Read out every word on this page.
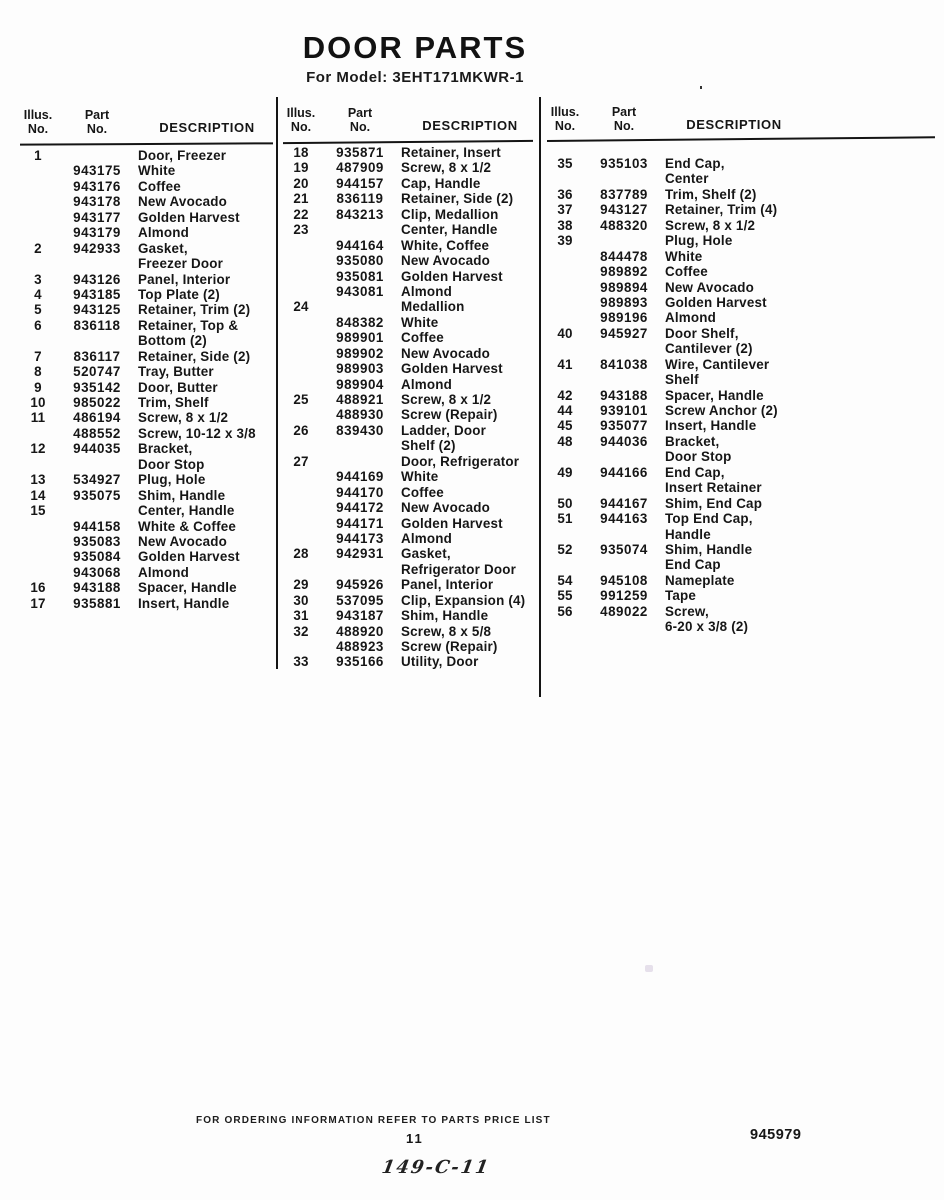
DOOR PARTS
For Model: 3EHT171MKWR-1
Illus.
No.
Part
No.	DESCRIPTION
1	Door, Freezer
943175	White
943176	Coffee
943178	New Avocado
943177	Golden Harvest
943179	Almond
2	942933	Gasket,
Freezer Door
3	943126	Panel, Interior
4	943185	Top Plate (2)
5	943125	Retainer, Trim (2)
6	836118	Retainer, Top &
Bottom (2)
7	836117	Retainer, Side (2)
8	520747	Tray, Butter
9	935142	Door, Butter
10	985022	Trim, Shelf
11	486194	Screw, 8 x 1/2
488552	Screw, 10-12 x 3/8
12	944035	Bracket,
Door Stop
13	534927	Plug, Hole
14	935075	Shim, Handle
15	Center, Handle
944158	White & Coffee
935083	New Avocado
935084	Golden Harvest
943068	Almond
16	943188	Spacer, Handle
17	935881	Insert, Handle
Illus.
No.
Part
No.	DESCRIPTION
18	935871	Retainer, Insert
19	487909	Screw, 8 x 1/2
20	944157	Cap, Handle
21	836119	Retainer, Side (2)
22	843213	Clip, Medallion
23	Center, Handle
944164	White, Coffee
935080	New Avocado
935081	Golden Harvest
943081	Almond
24	Medallion
848382	White
989901	Coffee
989902	New Avocado
989903	Golden Harvest
989904	Almond
25	488921	Screw, 8 x 1/2
488930	Screw (Repair)
26	839430	Ladder, Door
Shelf (2)
27	Door, Refrigerator
944169	White
944170	Coffee
944172	New Avocado
944171	Golden Harvest
944173	Almond
28	942931	Gasket,
Refrigerator Door
29	945926	Panel, Interior
30	537095	Clip, Expansion (4)
31	943187	Shim, Handle
32	488920	Screw, 8 x 5/8
488923	Screw (Repair)
33	935166	Utility, Door
Illus.
No.
Part
No.	DESCRIPTION
35	935103	End Cap,
Center
36	837789	Trim, Shelf (2)
37	943127	Retainer, Trim (4)
38	488320	Screw, 8 x 1/2
39	Plug, Hole
844478	White
989892	Coffee
989894	New Avocado
989893	Golden Harvest
989196	Almond
40	945927	Door Shelf,
Cantilever (2)
41	841038	Wire, Cantilever
Shelf
42	943188	Spacer, Handle
44	939101	Screw Anchor (2)
45	935077	Insert, Handle
48	944036	Bracket,
Door Stop
49	944166	End Cap,
Insert Retainer
50	944167	Shim, End Cap
51	944163	Top End Cap,
Handle
52	935074	Shim, Handle
End Cap
54	945108	Nameplate
55	991259	Tape
56	489022	Screw,
6-20 x 3/8 (2)
FOR ORDERING INFORMATION REFER TO PARTS PRICE LIST
11	945979
149-C-11
